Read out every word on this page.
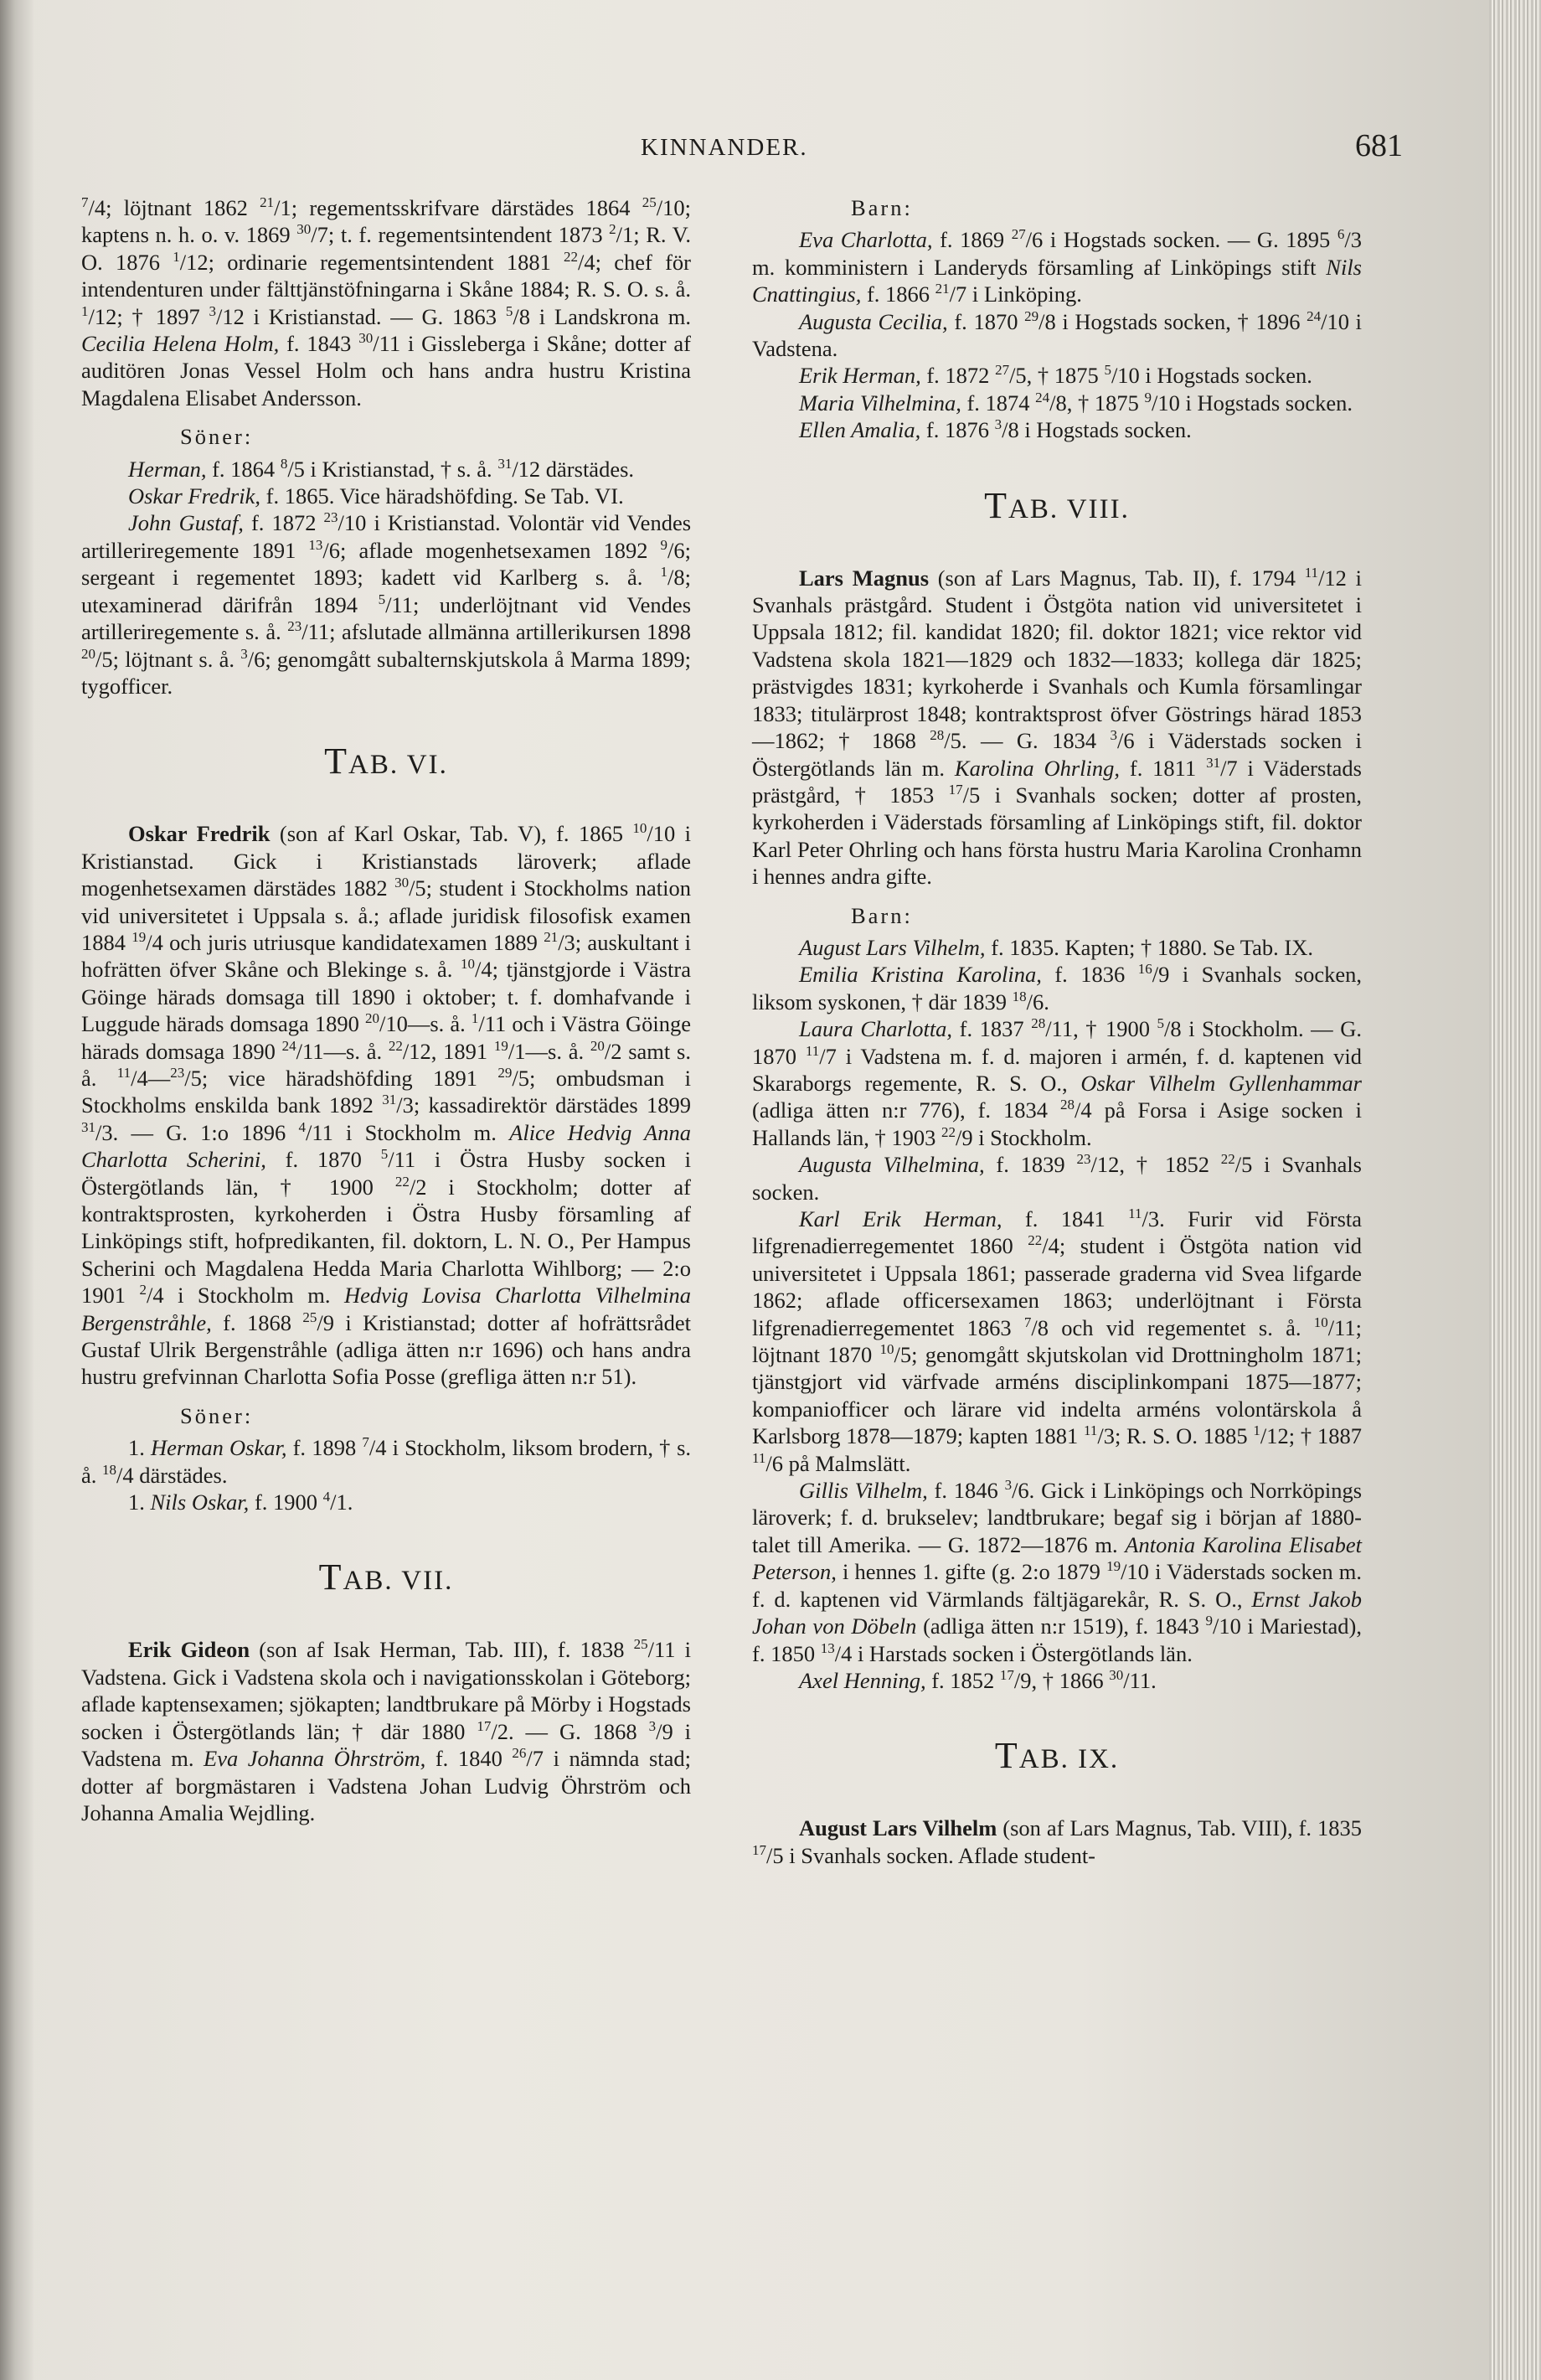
KINNANDER.	681

$^7$/4; löjtnant 1862 $^{21}$/1; regementsskrifvare därstädes 1864 $^{25}$/10; kaptens n. h. o. v. 1869 $^{30}$/7; t. f. regementsintendent 1873 $^2$/1; R. V. O. 1876 $^1$/12; ordinarie regementsintendent 1881 $^{22}$/4; chef för intendenturen under fälttjänstöfningarna i Skåne 1884; R. S. O. s. å. $^1$/12; † 1897 $^3$/12 i Kristianstad. — G. 1863 $^5$/8 i Landskrona m. Cecilia Helena Holm, f. 1843 $^{30}$/11 i Gissleberga i Skåne; dotter af auditören Jonas Vessel Holm och hans andra hustru Kristina Magdalena Elisabet Andersson.

Söner:

Herman, f. 1864 $^8$/5 i Kristianstad, † s. å. $^{31}$/12 därstädes.

Oskar Fredrik, f. 1865. Vice häradshöfding. Se Tab. VI.

John Gustaf, f. 1872 $^{23}$/10 i Kristianstad. Volontär vid Vendes artilleriregemente 1891 $^{13}$/6; aflade mogenhetsexamen 1892 $^9$/6; sergeant i regementet 1893; kadett vid Karlberg s. å. $^1$/8; utexaminerad därifrån 1894 $^5$/11; underlöjtnant vid Vendes artilleriregemente s. å. $^{23}$/11; afslutade allmänna artillerikursen 1898 $^{20}$/5; löjtnant s. å. $^3$/6; genomgått subalternskjutskola å Marma 1899; tygofficer.

TAB. VI.

Oskar Fredrik (son af Karl Oskar, Tab. V), f. 1865 $^{10}$/10 i Kristianstad. Gick i Kristianstads läroverk; aflade mogenhetsexamen därstädes 1882 $^{30}$/5; student i Stockholms nation vid universitetet i Uppsala s. å.; aflade juridisk filosofisk examen 1884 $^{19}$/4 och juris utriusque kandidatexamen 1889 $^{21}$/3; auskultant i hofrätten öfver Skåne och Blekinge s. å. $^{10}$/4; tjänstgjorde i Västra Göinge härads domsaga till 1890 i oktober; t. f. domhafvande i Luggude härads domsaga 1890 $^{20}$/10—s. å. $^1$/11 och i Västra Göinge härads domsaga 1890 $^{24}$/11—s. å. $^{22}$/12, 1891 $^{19}$/1—s. å. $^{20}$/2 samt s. å. $^{11}$/4—$^{23}$/5; vice häradshöfding 1891 $^{29}$/5; ombudsman i Stockholms enskilda bank 1892 $^{31}$/3; kassadirektör därstädes 1899 $^{31}$/3. — G. 1:o 1896 $^4$/11 i Stockholm m. Alice Hedvig Anna Charlotta Scherini, f. 1870 $^5$/11 i Östra Husby socken i Östergötlands län, † 1900 $^{22}$/2 i Stockholm; dotter af kontraktsprosten, kyrkoherden i Östra Husby församling af Linköpings stift, hofpredikanten, fil. doktorn, L. N. O., Per Hampus Scherini och Magdalena Hedda Maria Charlotta Wihlborg; — 2:o 1901 $^2$/4 i Stockholm m. Hedvig Lovisa Charlotta Vilhelmina Bergenstråhle, f. 1868 $^{25}$/9 i Kristianstad; dotter af hofrättsrådet Gustaf Ulrik Bergenstråhle (adliga ätten n:r 1696) och hans andra hustru grefvinnan Charlotta Sofia Posse (grefliga ätten n:r 51).

Söner:

1. Herman Oskar, f. 1898 $^7$/4 i Stockholm, liksom brodern, † s. å. $^{18}$/4 därstädes.

1. Nils Oskar, f. 1900 $^4$/1.

TAB. VII.

Erik Gideon (son af Isak Herman, Tab. III), f. 1838 $^{25}$/11 i Vadstena. Gick i Vadstena skola och i navigationsskolan i Göteborg; aflade kaptensexamen; sjökapten; landtbrukare på Mörby i Hogstads socken i Östergötlands län; † där 1880 $^{17}$/2. — G. 1868 $^3$/9 i Vadstena m. Eva Johanna Öhrström, f. 1840 $^{26}$/7 i nämnda stad; dotter af borgmästaren i Vadstena Johan Ludvig Öhrström och Johanna Amalia Wejdling.

Barn:

Eva Charlotta, f. 1869 $^{27}$/6 i Hogstads socken. — G. 1895 $^6$/3 m. komministern i Landeryds församling af Linköpings stift Nils Cnattingius, f. 1866 $^{21}$/7 i Linköping.

Augusta Cecilia, f. 1870 $^{29}$/8 i Hogstads socken, † 1896 $^{24}$/10 i Vadstena.

Erik Herman, f. 1872 $^{27}$/5, † 1875 $^5$/10 i Hogstads socken.

Maria Vilhelmina, f. 1874 $^{24}$/8, † 1875 $^9$/10 i Hogstads socken.

Ellen Amalia, f. 1876 $^3$/8 i Hogstads socken.

TAB. VIII.

Lars Magnus (son af Lars Magnus, Tab. II), f. 1794 $^{11}$/12 i Svanhals prästgård. Student i Östgöta nation vid universitetet i Uppsala 1812; fil. kandidat 1820; fil. doktor 1821; vice rektor vid Vadstena skola 1821—1829 och 1832—1833; kollega där 1825; prästvigdes 1831; kyrkoherde i Svanhals och Kumla församlingar 1833; titulärprost 1848; kontraktsprost öfver Göstrings härad 1853—1862; † 1868 $^{28}$/5. — G. 1834 $^3$/6 i Väderstads socken i Östergötlands län m. Karolina Ohrling, f. 1811 $^{31}$/7 i Väderstads prästgård, † 1853 $^{17}$/5 i Svanhals socken; dotter af prosten, kyrkoherden i Väderstads församling af Linköpings stift, fil. doktor Karl Peter Ohrling och hans första hustru Maria Karolina Cronhamn i hennes andra gifte.

Barn:

August Lars Vilhelm, f. 1835. Kapten; † 1880. Se Tab. IX.

Emilia Kristina Karolina, f. 1836 $^{16}$/9 i Svanhals socken, liksom syskonen, † där 1839 $^{18}$/6.

Laura Charlotta, f. 1837 $^{28}$/11, † 1900 $^5$/8 i Stockholm. — G. 1870 $^{11}$/7 i Vadstena m. f. d. majoren i armén, f. d. kaptenen vid Skaraborgs regemente, R. S. O., Oskar Vilhelm Gyllenhammar (adliga ätten n:r 776), f. 1834 $^{28}$/4 på Forsa i Asige socken i Hallands län, † 1903 $^{22}$/9 i Stockholm.

Augusta Vilhelmina, f. 1839 $^{23}$/12, † 1852 $^{22}$/5 i Svanhals socken.

Karl Erik Herman, f. 1841 $^{11}$/3. Furir vid Första lifgrenadierregementet 1860 $^{22}$/4; student i Östgöta nation vid universitetet i Uppsala 1861; passerade graderna vid Svea lifgarde 1862; aflade officersexamen 1863; underlöjtnant i Första lifgrenadierregementet 1863 $^7$/8 och vid regementet s. å. $^{10}$/11; löjtnant 1870 $^{10}$/5; genomgått skjutskolan vid Drottningholm 1871; tjänstgjort vid värfvade arméns disciplinkompani 1875—1877; kompaniofficer och lärare vid indelta arméns volontärskola å Karlsborg 1878—1879; kapten 1881 $^{11}$/3; R. S. O. 1885 $^1$/12; † 1887 $^{11}$/6 på Malmslätt.

Gillis Vilhelm, f. 1846 $^3$/6. Gick i Linköpings och Norrköpings läroverk; f. d. brukselev; landtbrukare; begaf sig i början af 1880-talet till Amerika. — G. 1872—1876 m. Antonia Karolina Elisabet Peterson, i hennes 1. gifte (g. 2:o 1879 $^{19}$/10 i Väderstads socken m. f. d. kaptenen vid Värmlands fältjägarekår, R. S. O., Ernst Jakob Johan von Döbeln (adliga ätten n:r 1519), f. 1843 $^9$/10 i Mariestad), f. 1850 $^{13}$/4 i Harstads socken i Östergötlands län.

Axel Henning, f. 1852 $^{17}$/9, † 1866 $^{30}$/11.

TAB. IX.

August Lars Vilhelm (son af Lars Magnus, Tab. VIII), f. 1835 $^{17}$/5 i Svanhals socken. Aflade student-
